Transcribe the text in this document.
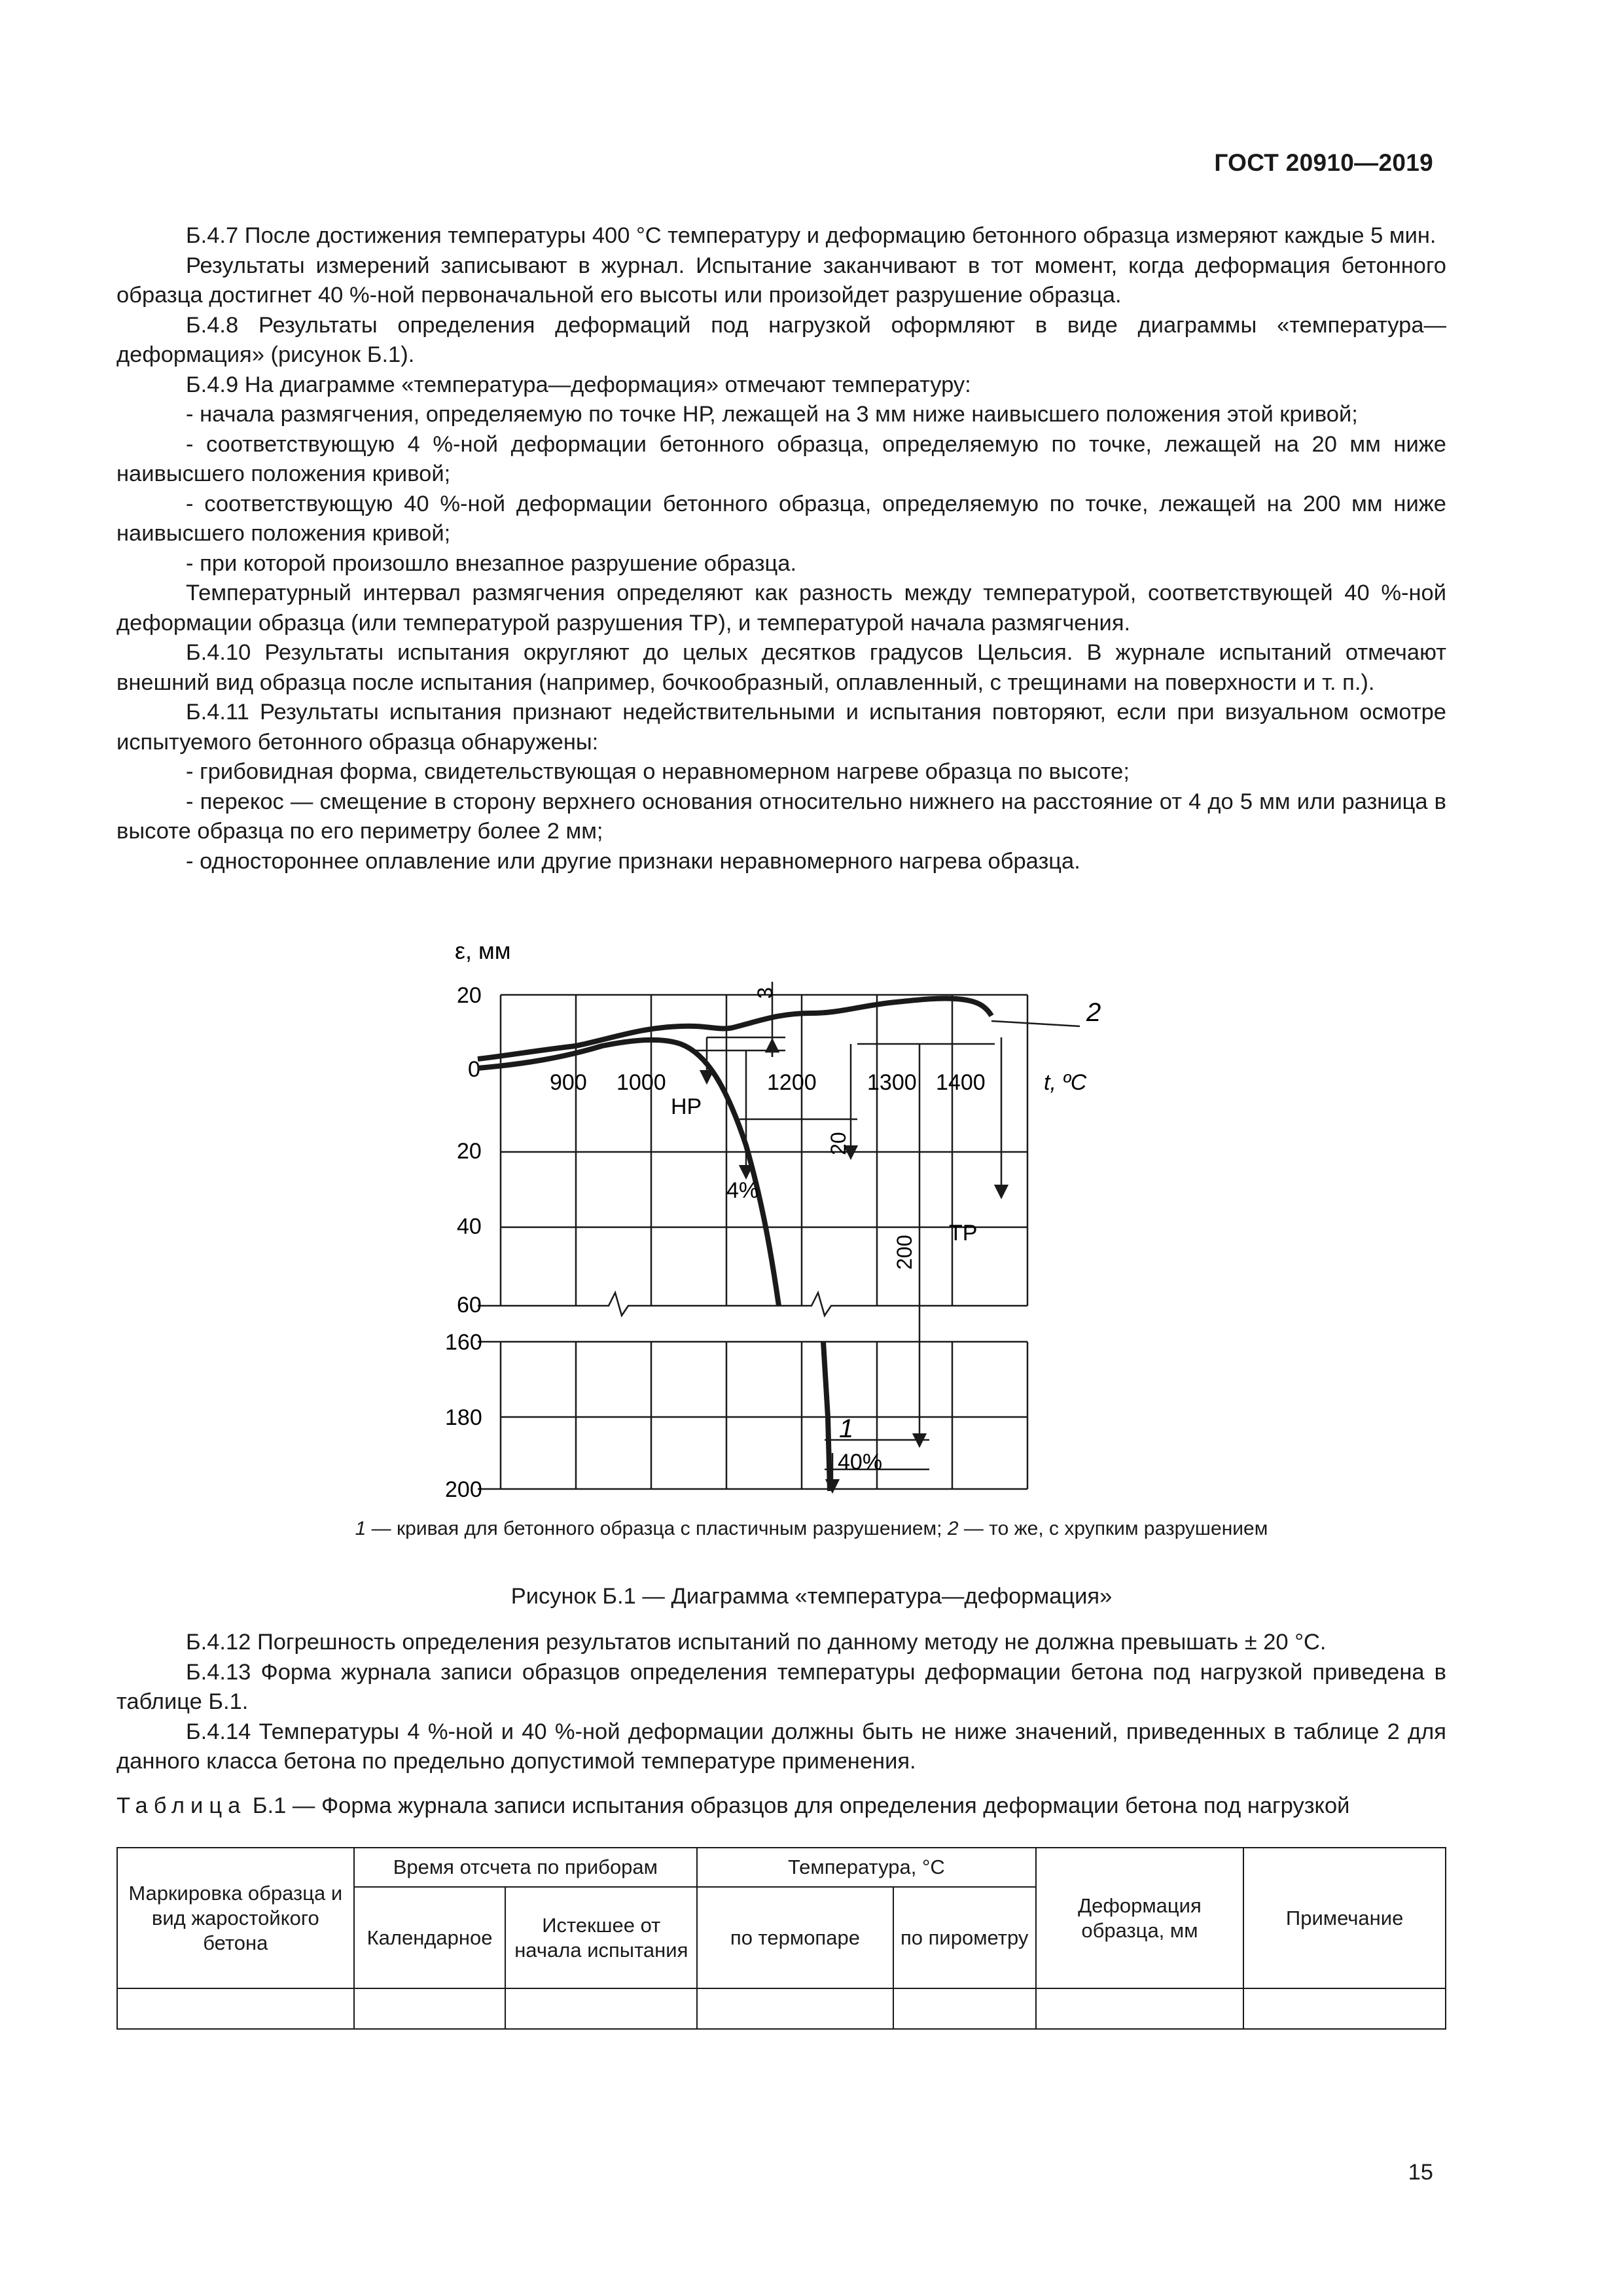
ГОСТ 20910—2019

Б.4.7 После достижения температуры 400 °С температуру и деформацию бетонного образца измеряют каждые 5 мин.

Результаты измерений записывают в журнал. Испытание заканчивают в тот момент, когда деформация бетонного образца достигнет 40 %-ной первоначальной его высоты или произойдет разрушение образца.

Б.4.8 Результаты определения деформаций под нагрузкой оформляют в виде диаграммы «температура—деформация» (рисунок Б.1).

Б.4.9 На диаграмме «температура—деформация» отмечают температуру:

- начала размягчения, определяемую по точке НР, лежащей на 3 мм ниже наивысшего положения этой кривой;

- соответствующую 4 %-ной деформации бетонного образца, определяемую по точке, лежащей на 20 мм ниже наивысшего положения кривой;

- соответствующую 40 %-ной деформации бетонного образца, определяемую по точке, лежащей на 200 мм ниже наивысшего положения кривой;

- при которой произошло внезапное разрушение образца.

Температурный интервал размягчения определяют как разность между температурой, соответствующей 40 %-ной деформации образца (или температурой разрушения ТР), и температурой начала размягчения.

Б.4.10 Результаты испытания округляют до целых десятков градусов Цельсия. В журнале испытаний отмечают внешний вид образца после испытания (например, бочкообразный, оплавленный, с трещинами на поверхности и т. п.).

Б.4.11 Результаты испытания признают недействительными и испытания повторяют, если при визуальном осмотре испытуемого бетонного образца обнаружены:

- грибовидная форма, свидетельствующая о неравномерном нагреве образца по высоте;

- перекос — смещение в сторону верхнего основания относительно нижнего на расстояние от 4 до 5 мм или разница в высоте образца по его периметру более 2 мм;

- одностороннее оплавление или другие признаки неравномерного нагрева образца.

ε, мм
20
0
20
40
60
160
180
200
900 1000	1200 1300 1400	t, ºC
3
НР
4%
20
200
ТР
40%
1
2
1 — кривая для бетонного образца с пластичным разрушением; 2 — то же, с хрупким разрушением
Рисунок Б.1 — Диаграмма «температура—деформация»

Б.4.12 Погрешность определения результатов испытаний по данному методу не должна превышать ± 20 °С.

Б.4.13 Форма журнала записи образцов определения температуры деформации бетона под нагрузкой приведена в таблице Б.1.

Б.4.14 Температуры 4 %-ной и 40 %-ной деформации должны быть не ниже значений, приведенных в таблице 2 для данного класса бетона по предельно допустимой температуре применения.

Таблица Б.1 — Форма журнала записи испытания образцов для определения деформации бетона под нагрузкой
Маркировка образца и вид жаростойкого бетона	Время отсчета по приборам		Температура, °С		Деформация образца, мм	Примечание
	Календарное	Истекшее от начала испытания	по термопаре	по пирометру		

15
